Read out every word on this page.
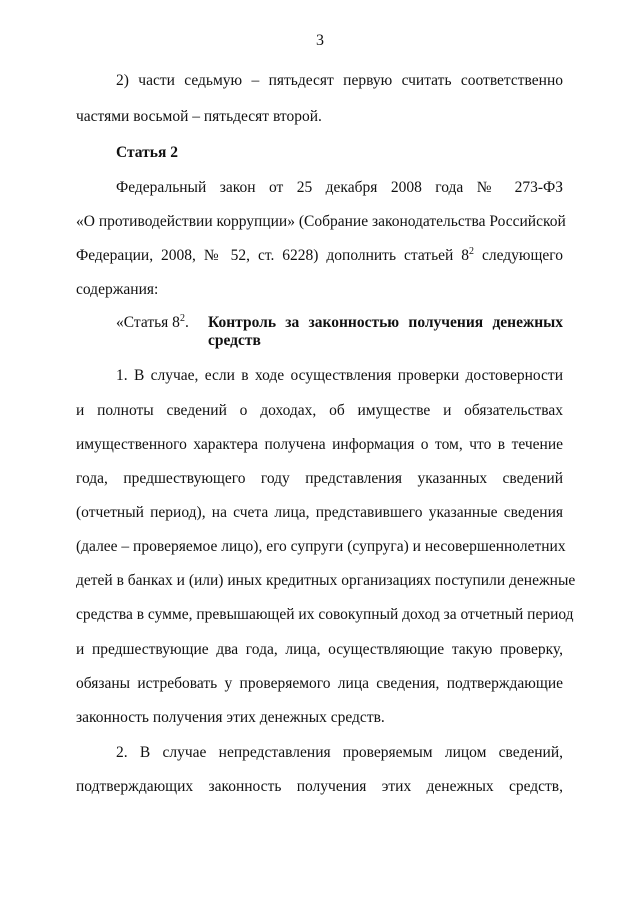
3
2) части седьмую – пятьдесят первую считать соответственно
частями восьмой – пятьдесят второй.
Статья 2
Федеральный закон от 25 декабря 2008 года № 273-ФЗ
«О противодействии коррупции» (Собрание законодательства Российской
Федерации, 2008, № 52, ст. 6228) дополнить статьей $8^2$ следующего
содержания:
«Статья $8^2$. Контроль за законностью получения денежных
средств
1. В случае, если в ходе осуществления проверки достоверности
и полноты сведений о доходах, об имуществе и обязательствах
имущественного характера получена информация о том, что в течение
года, предшествующего году представления указанных сведений
(отчетный период), на счета лица, представившего указанные сведения
(далее – проверяемое лицо), его супруги (супруга) и несовершеннолетних
детей в банках и (или) иных кредитных организациях поступили денежные
средства в сумме, превышающей их совокупный доход за отчетный период
и предшествующие два года, лица, осуществляющие такую проверку,
обязаны истребовать у проверяемого лица сведения, подтверждающие
законность получения этих денежных средств.
2. В случае непредставления проверяемым лицом сведений,
подтверждающих законность получения этих денежных средств,
